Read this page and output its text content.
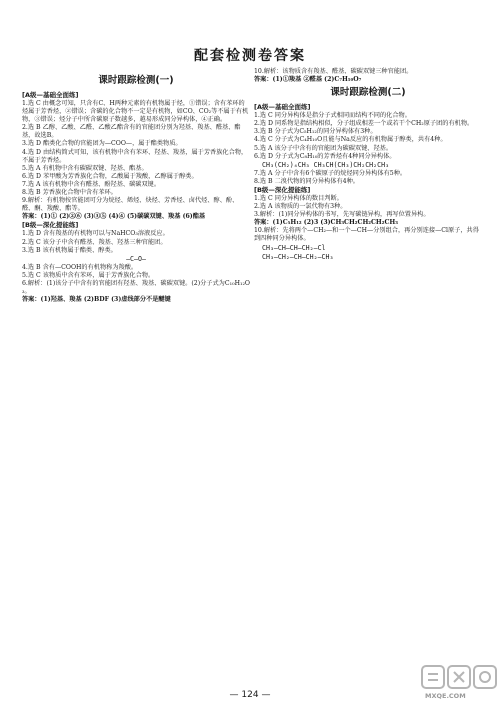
配套检测卷答案
课时跟踪检测(一)
[A级—基础全面练]
1.选 C 由概念可知，只含有C、H两种元素的有机物属于烃，①错误；含有苯环的烃属于芳香烃，②错误；含碳的化合物不一定是有机物，如CO、CO₂等不属于有机物，③错误；烃分子中所含碳原子数越多，越易形成同分异构体，④正确。
2.选 B 乙醇、乙酸、乙醛、乙酸乙酯含有的官能团分别为羟基、羧基、醛基、酯基，故选B。
3.选 D 酯类化合物的官能团为—COO—，属于酯类物质。
4.选 D 由结构简式可知，该有机物中含有苯环、羟基、羧基，属于芳香族化合物，不属于芳香烃。
5.选 A 有机物中含有碳碳双键、羟基、酯基。
6.选 D 苯甲酸为芳香族化合物，乙酸属于羧酸，乙醇属于醇类。
7.选 A 该有机物中含有醛基、酚羟基、碳碳双键。
8.选 B 芳香族化合物中含有苯环。
9.解析：有机物按官能团可分为烷烃、烯烃、炔烃、芳香烃、卤代烃、醇、酚、醛、酮、羧酸、酯等。
答案：(1)① (2)②⑥ (3)③⑤ (4)④ (5)碳碳双键、羧基 (6)酯基
[B级—深化提能练]
1.选 D 含有羧基的有机物可以与NaHCO₃溶液反应。
2.选 C 该分子中含有醛基、羧基、羟基三种官能团。
3.选 B 该有机物属于酯类、醇类。
—C—O—
4.选 B 含有—COOH的有机物称为羧酸。
5.选 C 该物质中含有苯环，属于芳香族化合物。
6.解析：(1)该分子中含有的官能团有羟基、羧基、碳碳双键。(2)分子式为C₁₀H₁₂O₃。
答案：(1)羟基、羧基 (2)BDF (3)虚线部分不是醚键
10.解析：该物质含有羧基、醛基、碳碳双键三种官能团。
答案：(1)①羧基 ②醛基 (2)C₇H₁₀O₇
课时跟踪检测(二)
[A级—基础全面练]
1.选 C 同分异构体是指分子式相同而结构不同的化合物。
2.选 D 同系物是指结构相似，分子组成相差一个或若干个CH₂原子团的有机物。
3.选 B 分子式为C₅H₁₂的同分异构体有3种。
4.选 C 分子式为C₄H₁₀O且能与Na反应的有机物属于醇类，共有4种。
5.选 A 该分子中含有的官能团为碳碳双键、羟基。
6.选 D 分子式为C₈H₁₀的芳香烃有4种同分异构体。
CH₃(CH₂)₄CH₃ CH₃CH(CH₃)CH₂CH₂CH₃
7.选 A 分子中含有6个碳原子的烷烃同分异构体有5种。
8.选 B 二溴代物的同分异构体有4种。
[B级—深化提能练]
1.选 C 同分异构体的数目判断。
2.选 A 该物质的一氯代物有3种。
3.解析：(1)同分异构体的书写，先写碳链异构，再写位置异构。
答案：(1)C₅H₁₂ (2)3 (3)CH₃CH₂CH₂CH₂CH₃
10.解析：先将两个—CH₂—和一个—CH—分别组合，再分别连接—Cl原子，共得到四种同分异构体。
CH₃—CH—CH—CH₂—Cl
CH₃—CH₂—CH—CH₂—CH₃
— 124 —	MXQE.COM
